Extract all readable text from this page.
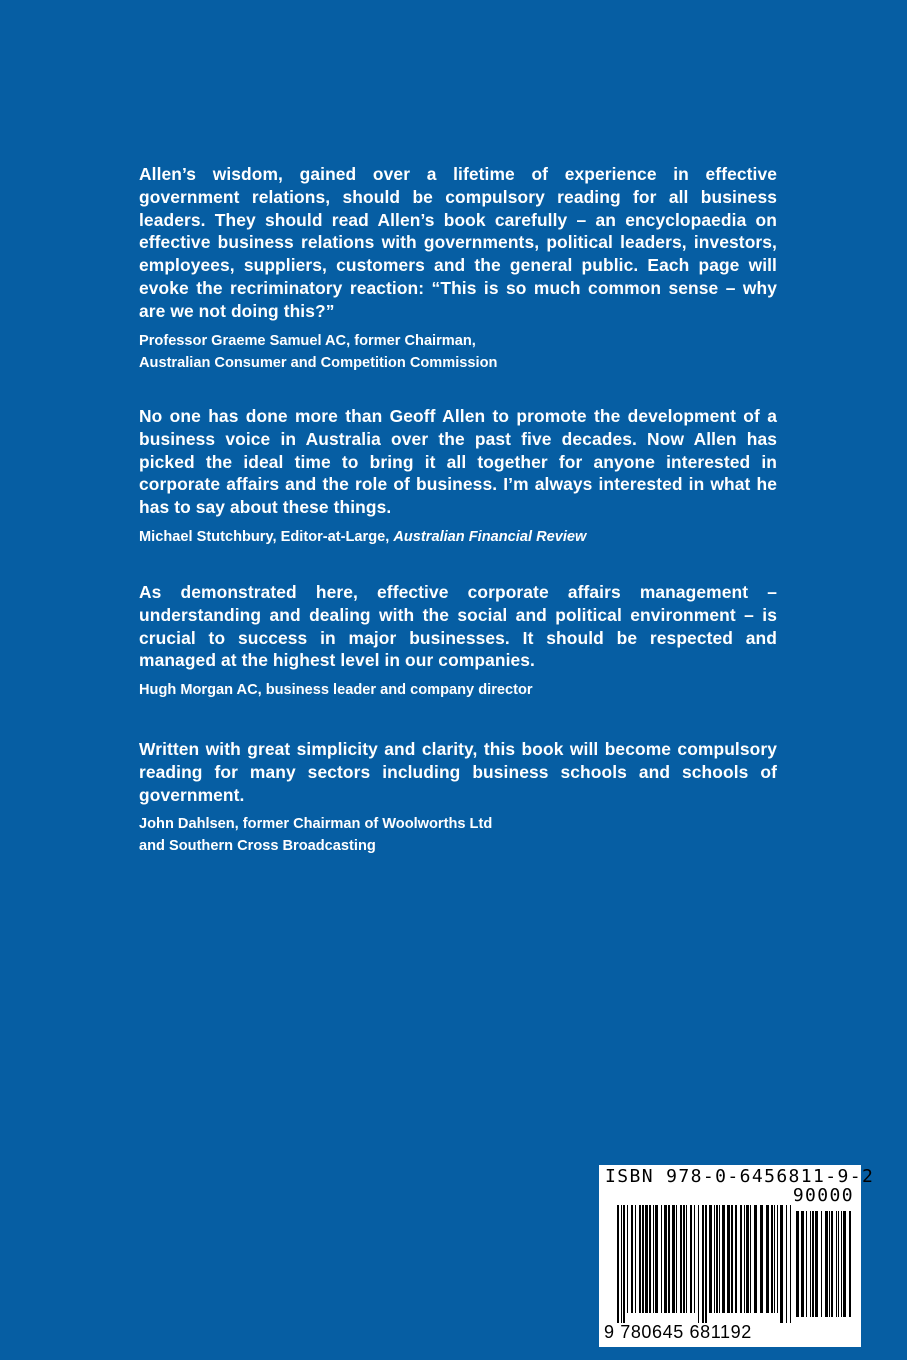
Allen’s wisdom, gained over a lifetime of experience in effective government relations, should be compulsory reading for all business leaders. They should read Allen’s book carefully – an encyclopaedia on effective business relations with governments, political leaders, investors, employees, suppliers, customers and the general public. Each page will evoke the recriminatory reaction: “This is so much common sense – why are we not doing this?”

Professor Graeme Samuel AC, former Chairman,
Australian Consumer and Competition Commission

No one has done more than Geoff Allen to promote the development of a business voice in Australia over the past five decades. Now Allen has picked the ideal time to bring it all together for anyone interested in corporate affairs and the role of business. I’m always interested in what he has to say about these things.

Michael Stutchbury, Editor-at-Large, Australian Financial Review

As demonstrated here, effective corporate affairs management – understanding and dealing with the social and political environment – is crucial to success in major businesses. It should be respected and managed at the highest level in our companies.

Hugh Morgan AC, business leader and company director

Written with great simplicity and clarity, this book will become compulsory reading for many sectors including business schools and schools of government.

John Dahlsen, former Chairman of Woolworths Ltd
and Southern Cross Broadcasting

ISBN 978-0-6456811-9-2
90000
9 780645 681192
